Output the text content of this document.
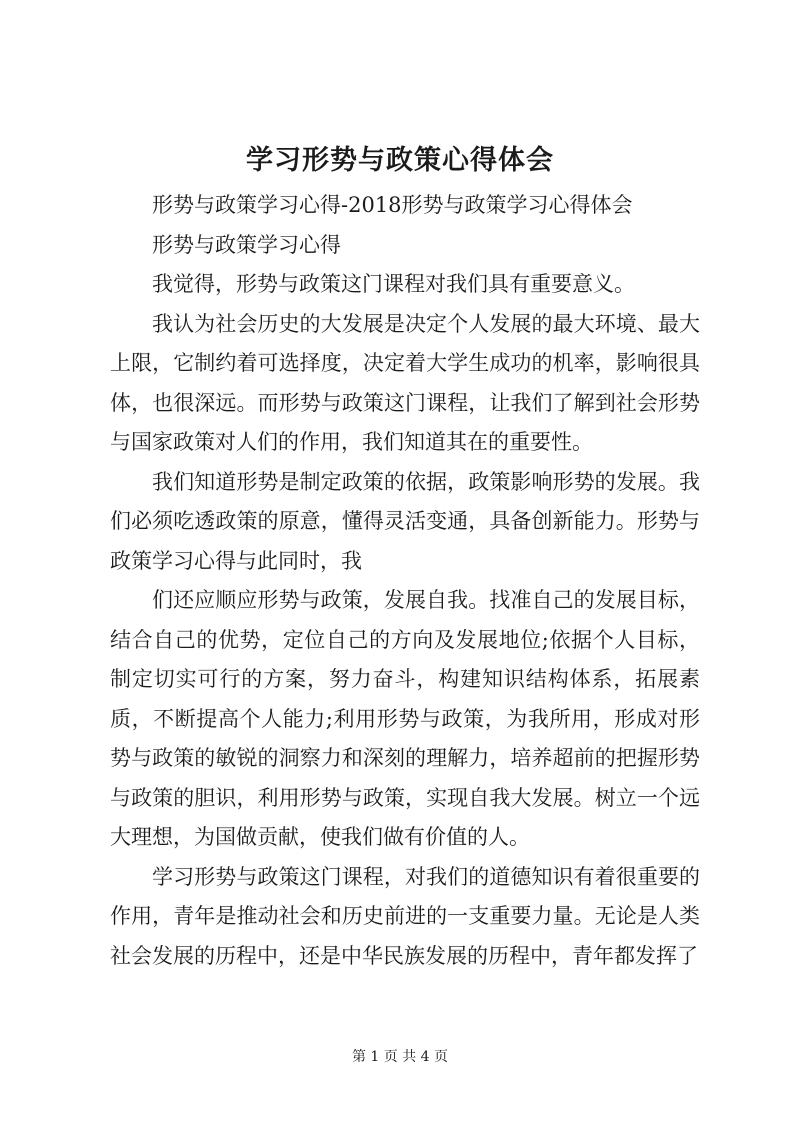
学习形势与政策心得体会

形势与政策学习心得-2018形势与政策学习心得体会

形势与政策学习心得

我觉得，形势与政策这门课程对我们具有重要意义。

我认为社会历史的大发展是决定个人发展的最大环境、最大上限，它制约着可选择度，决定着大学生成功的机率，影响很具体，也很深远。而形势与政策这门课程，让我们了解到社会形势与国家政策对人们的作用，我们知道其在的重要性。

我们知道形势是制定政策的依据，政策影响形势的发展。我们必须吃透政策的原意，懂得灵活变通，具备创新能力。形势与政策学习心得与此同时，我

们还应顺应形势与政策，发展自我。找准自己的发展目标，结合自己的优势，定位自己的方向及发展地位;依据个人目标，制定切实可行的方案，努力奋斗，构建知识结构体系，拓展素质，不断提高个人能力;利用形势与政策，为我所用，形成对形势与政策的敏锐的洞察力和深刻的理解力，培养超前的把握形势与政策的胆识，利用形势与政策，实现自我大发展。树立一个远大理想，为国做贡献，使我们做有价值的人。

学习形势与政策这门课程，对我们的道德知识有着很重要的作用，青年是推动社会和历史前进的一支重要力量。无论是人类社会发展的历程中，还是中华民族发展的历程中，青年都发挥了

第 1 页 共 4 页
